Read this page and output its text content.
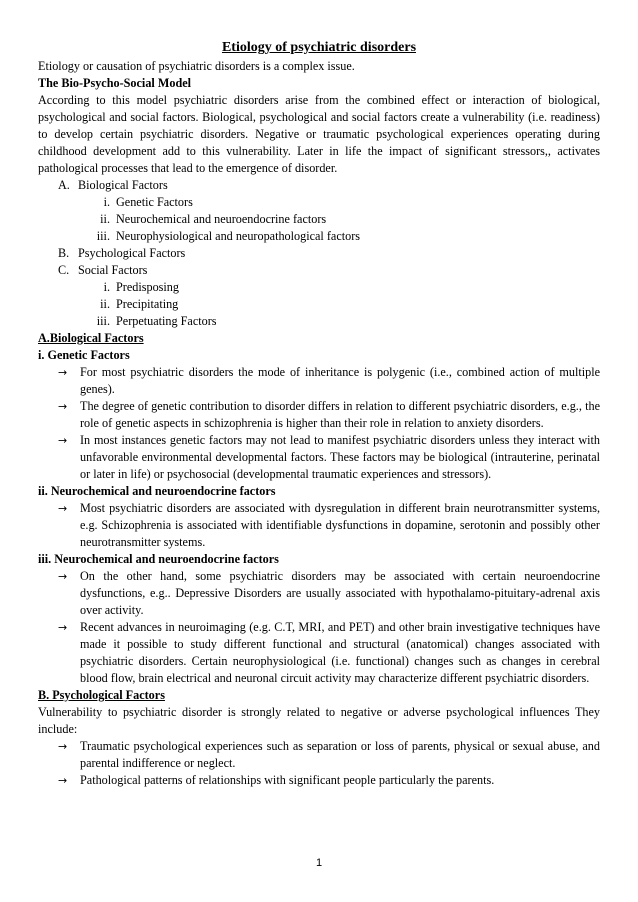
Etiology of psychiatric disorders

Etiology or causation of psychiatric disorders is a complex issue.

The Bio-Psycho-Social Model

According to this model psychiatric disorders arise from the combined effect or interaction of biological, psychological and social factors. Biological, psychological and social factors create a vulnerability (i.e. readiness) to develop certain psychiatric disorders. Negative or traumatic psychological experiences operating during childhood development add to this vulnerability. Later in life the impact of significant stressors,, activates pathological processes that lead to the emergence of disorder.

A. Biological Factors
i. Genetic Factors
ii. Neurochemical and neuroendocrine factors
iii. Neurophysiological and neuropathological factors
B. Psychological Factors
C. Social Factors
i. Predisposing
ii. Precipitating
iii. Perpetuating Factors

A.Biological Factors

i. Genetic Factors

→ For most psychiatric disorders the mode of inheritance is polygenic (i.e., combined action of multiple genes).
→ The degree of genetic contribution to disorder differs in relation to different psychiatric disorders, e.g., the role of genetic aspects in schizophrenia is higher than their role in relation to anxiety disorders.
→ In most instances genetic factors may not lead to manifest psychiatric disorders unless they interact with unfavorable environmental developmental factors. These factors may be biological (intrauterine, perinatal or later in life) or psychosocial (developmental traumatic experiences and stressors).

ii. Neurochemical and neuroendocrine factors

→ Most psychiatric disorders are associated with dysregulation in different brain neurotransmitter systems, e.g. Schizophrenia is associated with identifiable dysfunctions in dopamine, serotonin and possibly other neurotransmitter systems.

iii. Neurochemical and neuroendocrine factors

→ On the other hand, some psychiatric disorders may be associated with certain neuroendocrine dysfunctions, e.g.. Depressive Disorders are usually associated with hypothalamo-pituitary-adrenal axis over activity.
→ Recent advances in neuroimaging (e.g. C.T, MRI, and PET) and other brain investigative techniques have made it possible to study different functional and structural (anatomical) changes associated with psychiatric disorders. Certain neurophysiological (i.e. functional) changes such as changes in cerebral blood flow, brain electrical and neuronal circuit activity may characterize different psychiatric disorders.

B. Psychological Factors

Vulnerability to psychiatric disorder is strongly related to negative or adverse psychological influences They include:

→ Traumatic psychological experiences such as separation or loss of parents, physical or sexual abuse, and parental indifference or neglect.
→ Pathological patterns of relationships with significant people particularly the parents.
1
